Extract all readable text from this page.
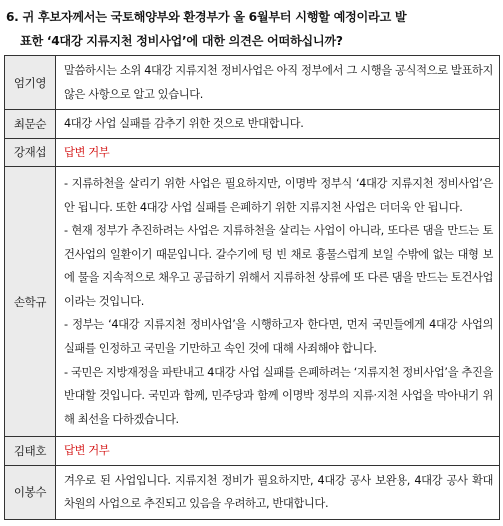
6. 귀 후보자께서는 국토해양부와 환경부가 올 6월부터 시행할 예정이라고 발
표한 ‘4대강 지류지천 정비사업’에 대한 의견은 어떠하십니까?
엄기영	말씀하시는 소위 4대강 지류지천 정비사업은 아직 정부에서 그 시행을 공식적으로 발표하지 않은 사항으로 알고 있습니다.

최문순	4대강 사업 실패를 감추기 위한 것으로 반대합니다.

강재섭	답변 거부

손학규	- 지류하천을 살리기 위한 사업은 필요하지만, 이명박 정부식 ‘4대강 지류지천 정비사업’은 안 됩니다. 또한 4대강 사업 실패를 은폐하기 위한 지류지천 사업은 더더욱 안 됩니다.
- 현재 정부가 추진하려는 사업은 지류하천을 살리는 사업이 아니라, 또다른 댐을 만드는 토건사업의 일환이기 때문입니다. 갈수기에 텅 빈 채로 흉물스럽게 보일 수밖에 없는 대형 보에 물을 지속적으로 채우고 공급하기 위해서 지류하천 상류에 또 다른 댐을 만드는 토건사업이라는 것입니다.
- 정부는 ‘4대강 지류지천 정비사업’을 시행하고자 한다면, 먼저 국민들에게 4대강 사업의 실패를 인정하고 국민을 기만하고 속인 것에 대해 사죄해야 합니다.
- 국민은 지방재정을 파탄내고 4대강 사업 실패를 은폐하려는 ‘지류지천 정비사업’을 추진을 반대할 것입니다. 국민과 함께, 민주당과 함께 이명박 정부의 지류·지천 사업을 막아내기 위해 최선을 다하겠습니다.

김태호	답변 거부

이봉수	겨우로 된 사업입니다. 지류지천 정비가 필요하지만, 4대강 공사 보완용, 4대강 공사 확대 차원의 사업으로 추진되고 있음을 우려하고, 반대합니다.
